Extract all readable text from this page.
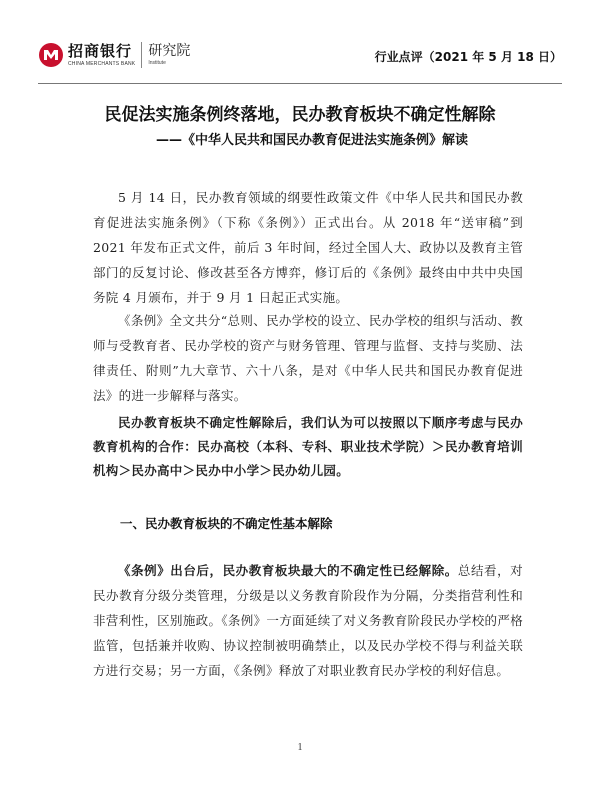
招商银行
CHINA MERCHANTS BANK
研究院
Institute	行业点评（2021 年 5 月 18 日）
民促法实施条例终落地，民办教育板块不确定性解除
——《中华人民共和国民办教育促进法实施条例》解读

5 月 14 日，民办教育领域的纲要性政策文件《中华人民共和国民办教育促进法实施条例》（下称《条例》）正式出台。从 2018 年“送审稿”到 2021 年发布正式文件，前后 3 年时间，经过全国人大、政协以及教育主管部门的反复讨论、修改甚至各方博弈，修订后的《条例》最终由中共中央国务院 4 月颁布，并于 9 月 1 日起正式实施。

《条例》全文共分“总则、民办学校的设立、民办学校的组织与活动、教师与受教育者、民办学校的资产与财务管理、管理与监督、支持与奖励、法律责任、附则”九大章节、六十八条，是对《中华人民共和国民办教育促进法》的进一步解释与落实。

民办教育板块不确定性解除后，我们认为可以按照以下顺序考虑与民办教育机构的合作：民办高校（本科、专科、职业技术学院）＞民办教育培训机构＞民办高中＞民办中小学＞民办幼儿园。

一、民办教育板块的不确定性基本解除

《条例》出台后，民办教育板块最大的不确定性已经解除。总结看，对民办教育分级分类管理，分级是以义务教育阶段作为分隔，分类指营利性和非营利性，区别施政。《条例》一方面延续了对义务教育阶段民办学校的严格监管，包括兼并收购、协议控制被明确禁止，以及民办学校不得与利益关联方进行交易；另一方面，《条例》释放了对职业教育民办学校的利好信息。

1
